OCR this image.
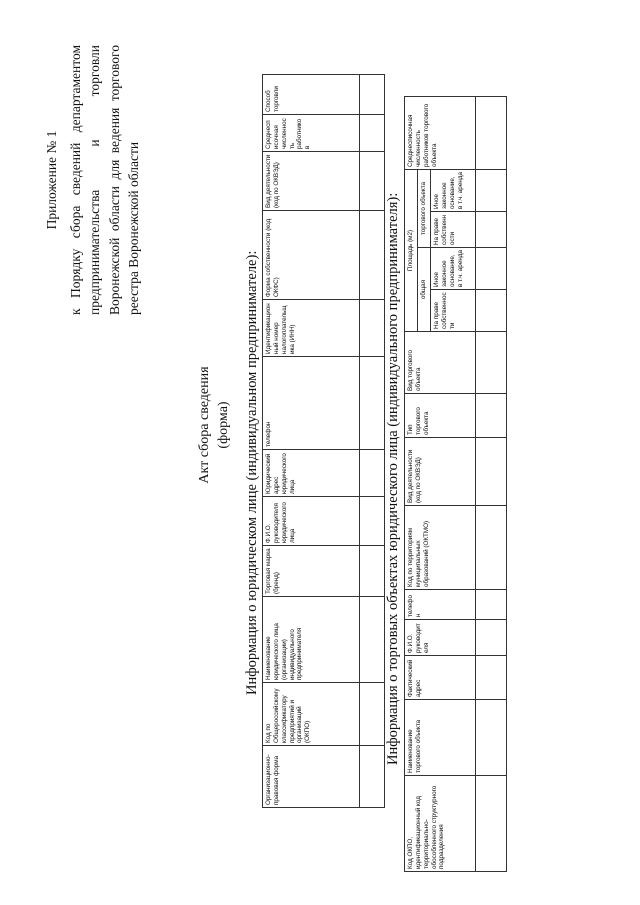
Приложение № 1 к Порядку сбора сведений департаментом предпринимательства и торговли Воронежской области для ведения торгового реестра Воронежской области
Акт сбора сведения (форма) Информация о юридическом лице (индивидуальном предпринимателе):
Организационно-правовая форма	Код по Общероссийскому классификатору предприятий и организаций (ОКПО)	Наименование юридического лица (организации) индивидуального предпринимателя	Торговая марка (бренд)	Ф.И.О. руководителя юридического лица	Юридический адрес юридического лица	телефон	Идентификационный номер налогоплательщика (ИНН)	Форма собственности (код ОКФС)	Вид деятельности (код по ОКВЭД)	Среднесписочная численность работников	Способ торговли

Информация о торговых объектах юридического лица (индивидуального предпринимателя):
Код ОКПО, идентификационный код территориально-обособленного структурного подразделения	Наименование торгового объекта	Фактический адрес	Ф.И.О. руководителя	телефон	Код по территориям муниципальных образований (ОКТМО)	Вид деятельности (код по ОКВЭД)	Тип торгового объекта	Вид торгового объекта	Площадь (м2)				Среднесписочная численность работников торгового объекта
									общая		торгового объекта		
									На праве собственности	Иное законное основание, в т.ч. аренда	На праве собственности	Иное законное основание, в т.ч. аренда	
